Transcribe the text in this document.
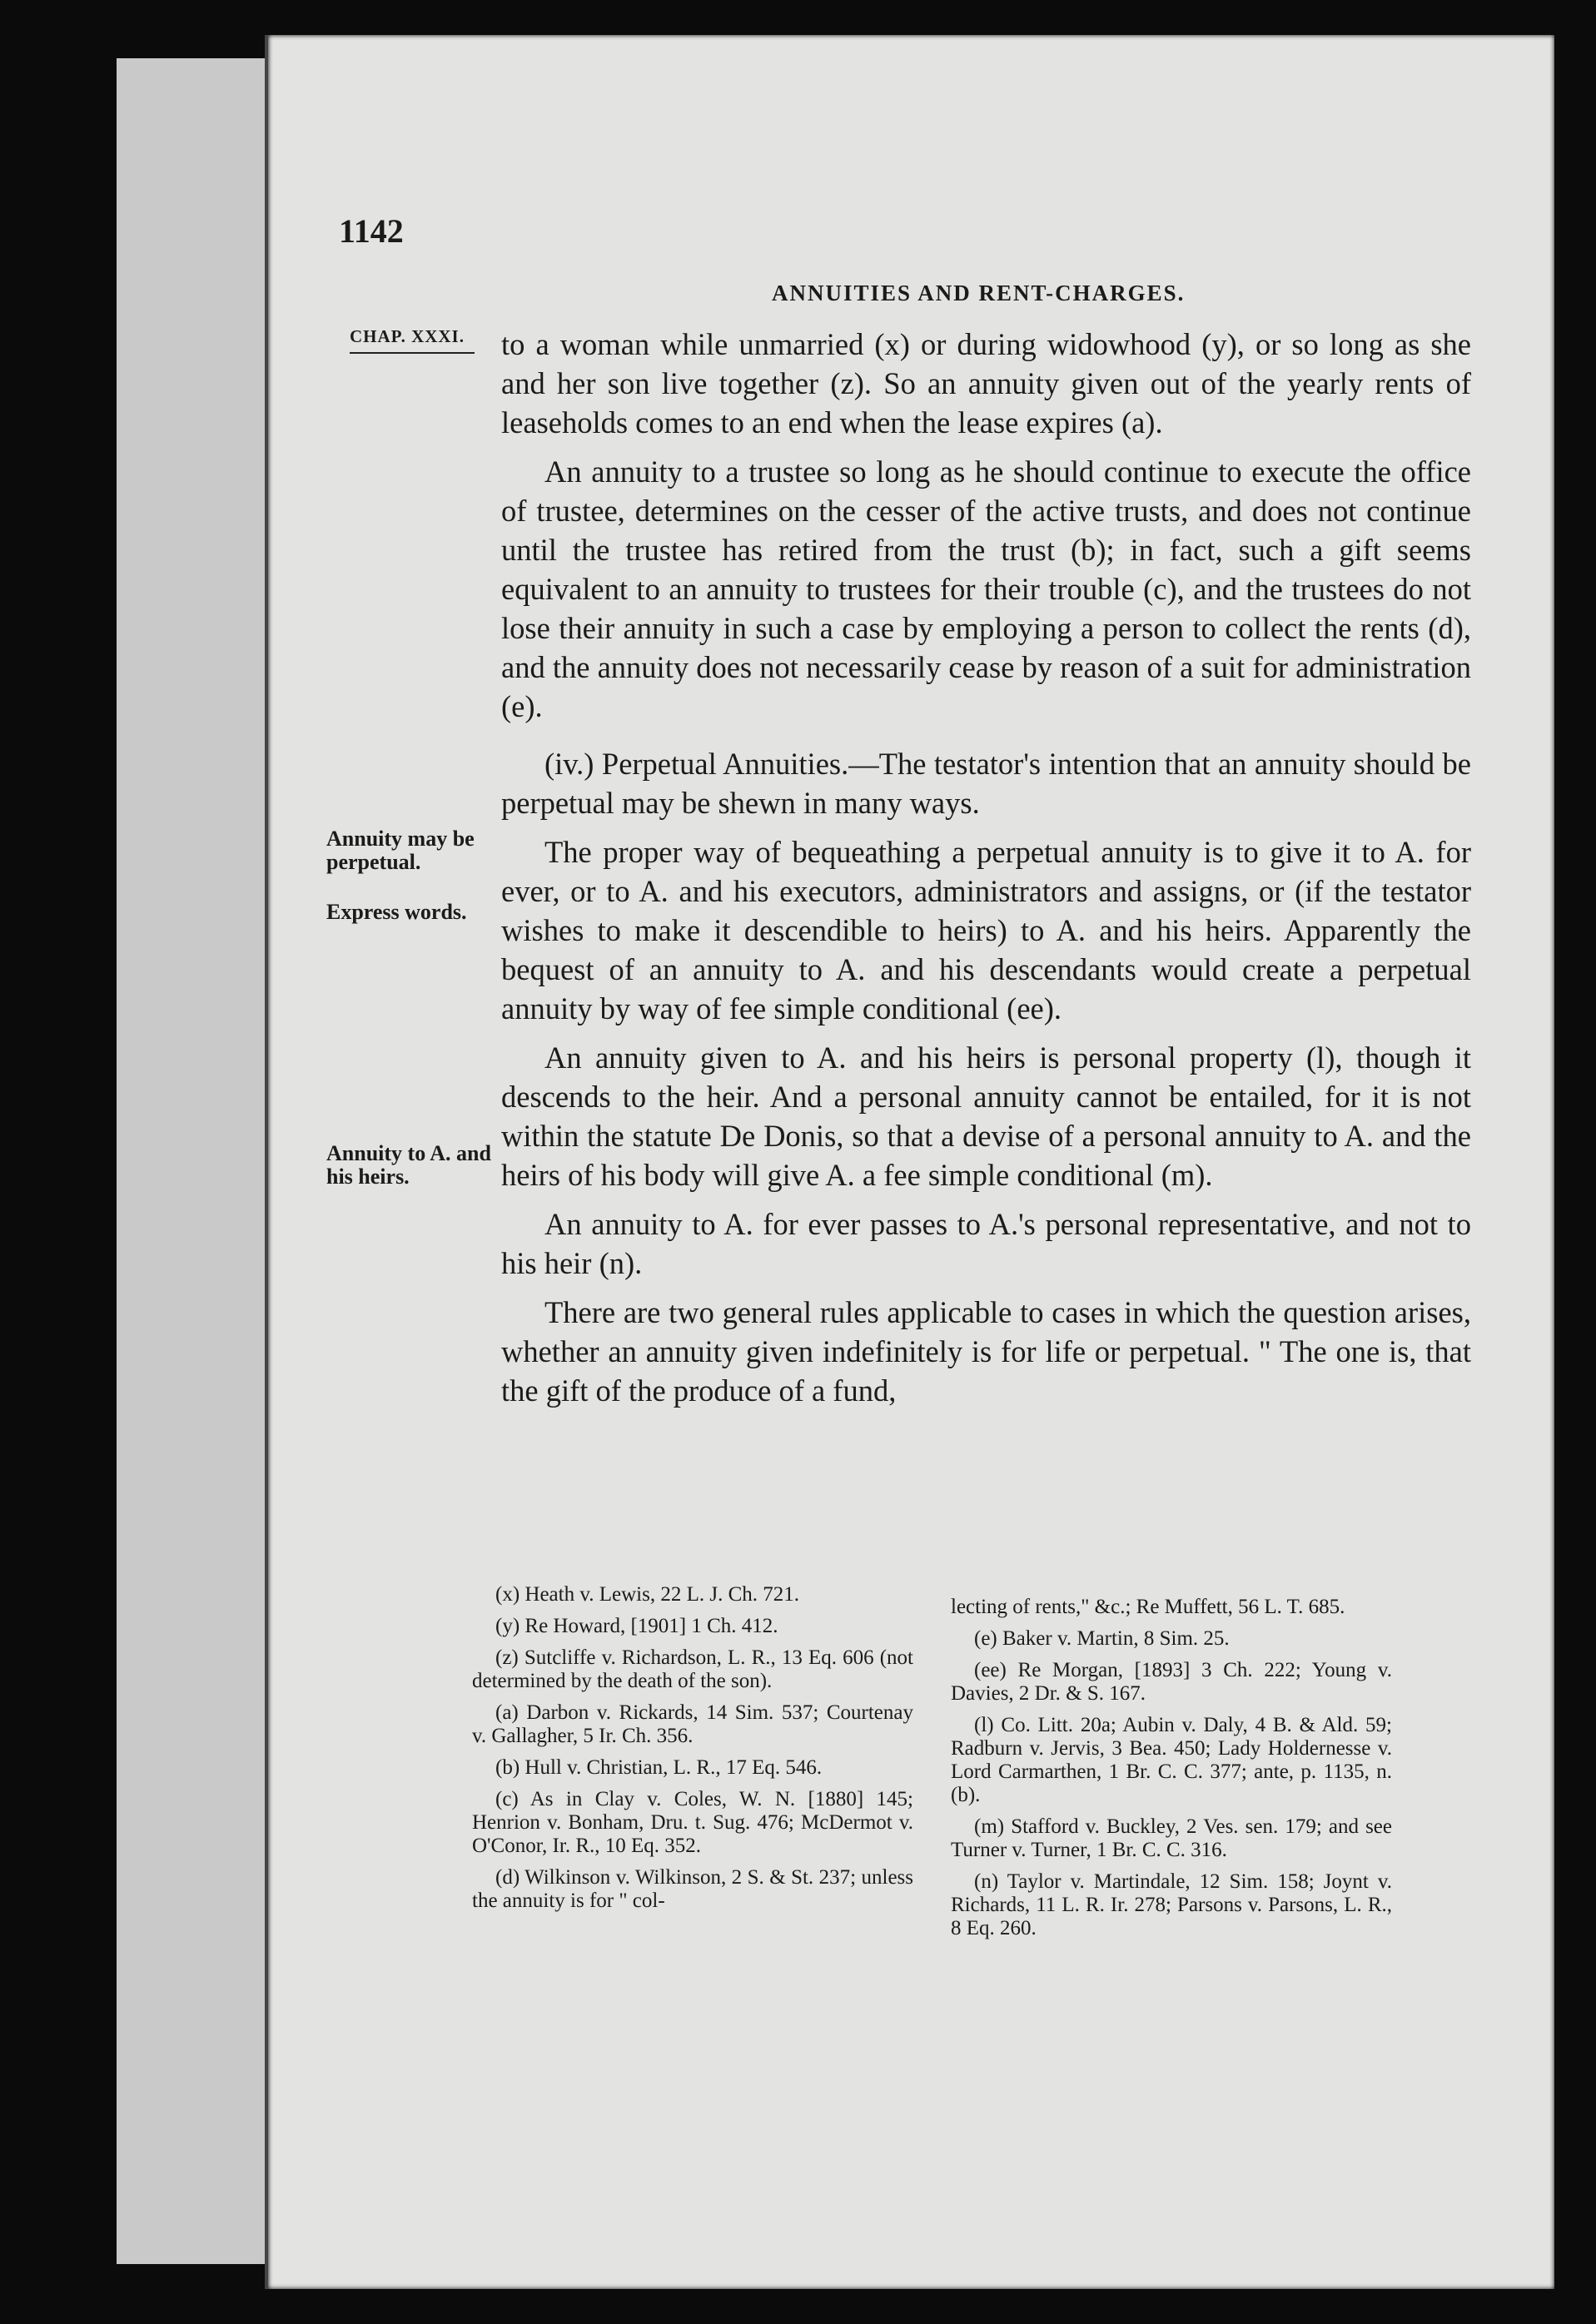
1142
ANNUITIES AND RENT-CHARGES.
CHAP. XXXI.
Annuity may be perpetual.
Express words.
Annuity to A. and his heirs.

to a woman while unmarried (x) or during widowhood (y), or so long as she and her son live together (z). So an annuity given out of the yearly rents of leaseholds comes to an end when the lease expires (a).

An annuity to a trustee so long as he should continue to execute the office of trustee, determines on the cesser of the active trusts, and does not continue until the trustee has retired from the trust (b); in fact, such a gift seems equivalent to an annuity to trustees for their trouble (c), and the trustees do not lose their annuity in such a case by employing a person to collect the rents (d), and the annuity does not necessarily cease by reason of a suit for administration (e).

(iv.) Perpetual Annuities.—The testator's intention that an annuity should be perpetual may be shewn in many ways.

The proper way of bequeathing a perpetual annuity is to give it to A. for ever, or to A. and his executors, administrators and assigns, or (if the testator wishes to make it descendible to heirs) to A. and his heirs. Apparently the bequest of an annuity to A. and his descendants would create a perpetual annuity by way of fee simple conditional (ee).

An annuity given to A. and his heirs is personal property (l), though it descends to the heir. And a personal annuity cannot be entailed, for it is not within the statute De Donis, so that a devise of a personal annuity to A. and the heirs of his body will give A. a fee simple conditional (m).

An annuity to A. for ever passes to A.'s personal representative, and not to his heir (n).

There are two general rules applicable to cases in which the question arises, whether an annuity given indefinitely is for life or perpetual. " The one is, that the gift of the produce of a fund,

(x) Heath v. Lewis, 22 L. J. Ch. 721.

(y) Re Howard, [1901] 1 Ch. 412.

(z) Sutcliffe v. Richardson, L. R., 13 Eq. 606 (not determined by the death of the son).

(a) Darbon v. Rickards, 14 Sim. 537; Courtenay v. Gallagher, 5 Ir. Ch. 356.

(b) Hull v. Christian, L. R., 17 Eq. 546.

(c) As in Clay v. Coles, W. N. [1880] 145; Henrion v. Bonham, Dru. t. Sug. 476; McDermot v. O'Conor, Ir. R., 10 Eq. 352.

(d) Wilkinson v. Wilkinson, 2 S. & St. 237; unless the annuity is for " col-

lecting of rents," &c.; Re Muffett, 56 L. T. 685.

(e) Baker v. Martin, 8 Sim. 25.

(ee) Re Morgan, [1893] 3 Ch. 222; Young v. Davies, 2 Dr. & S. 167.

(l) Co. Litt. 20a; Aubin v. Daly, 4 B. & Ald. 59; Radburn v. Jervis, 3 Bea. 450; Lady Holdernesse v. Lord Carmarthen, 1 Br. C. C. 377; ante, p. 1135, n. (b).

(m) Stafford v. Buckley, 2 Ves. sen. 179; and see Turner v. Turner, 1 Br. C. C. 316.

(n) Taylor v. Martindale, 12 Sim. 158; Joynt v. Richards, 11 L. R. Ir. 278; Parsons v. Parsons, L. R., 8 Eq. 260.
